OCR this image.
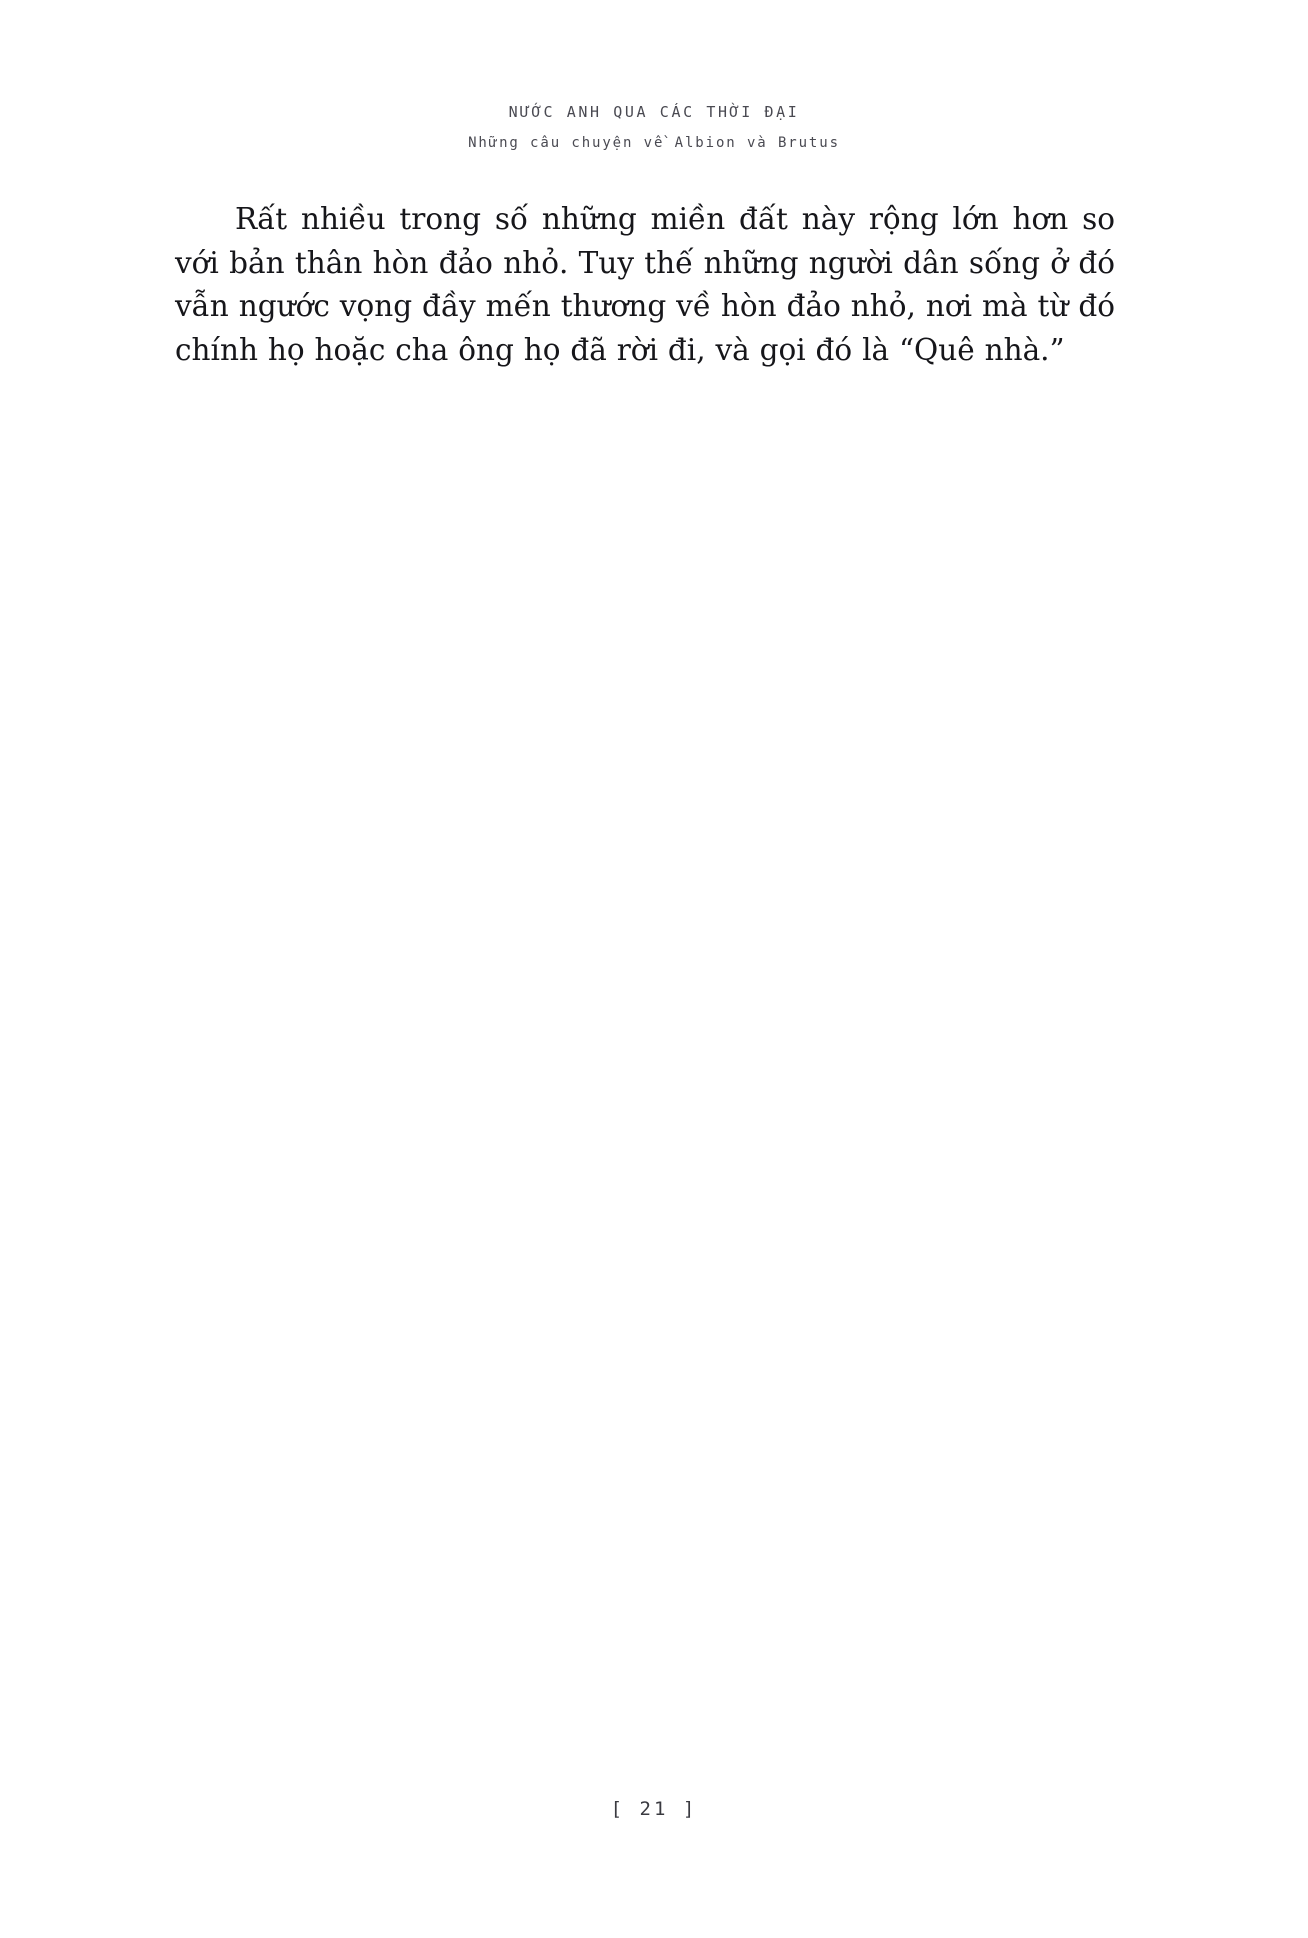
NƯỚC ANH QUA CÁC THỜI ĐẠI
Những câu chuyện về Albion và Brutus

Rất nhiều trong số những miền đất này rộng lớn hơn so với bản thân hòn đảo nhỏ. Tuy thế những người dân sống ở đó vẫn ngước vọng đầy mến thương về hòn đảo nhỏ, nơi mà từ đó chính họ hoặc cha ông họ đã rời đi, và gọi đó là “Quê nhà.”

[ 21 ]
